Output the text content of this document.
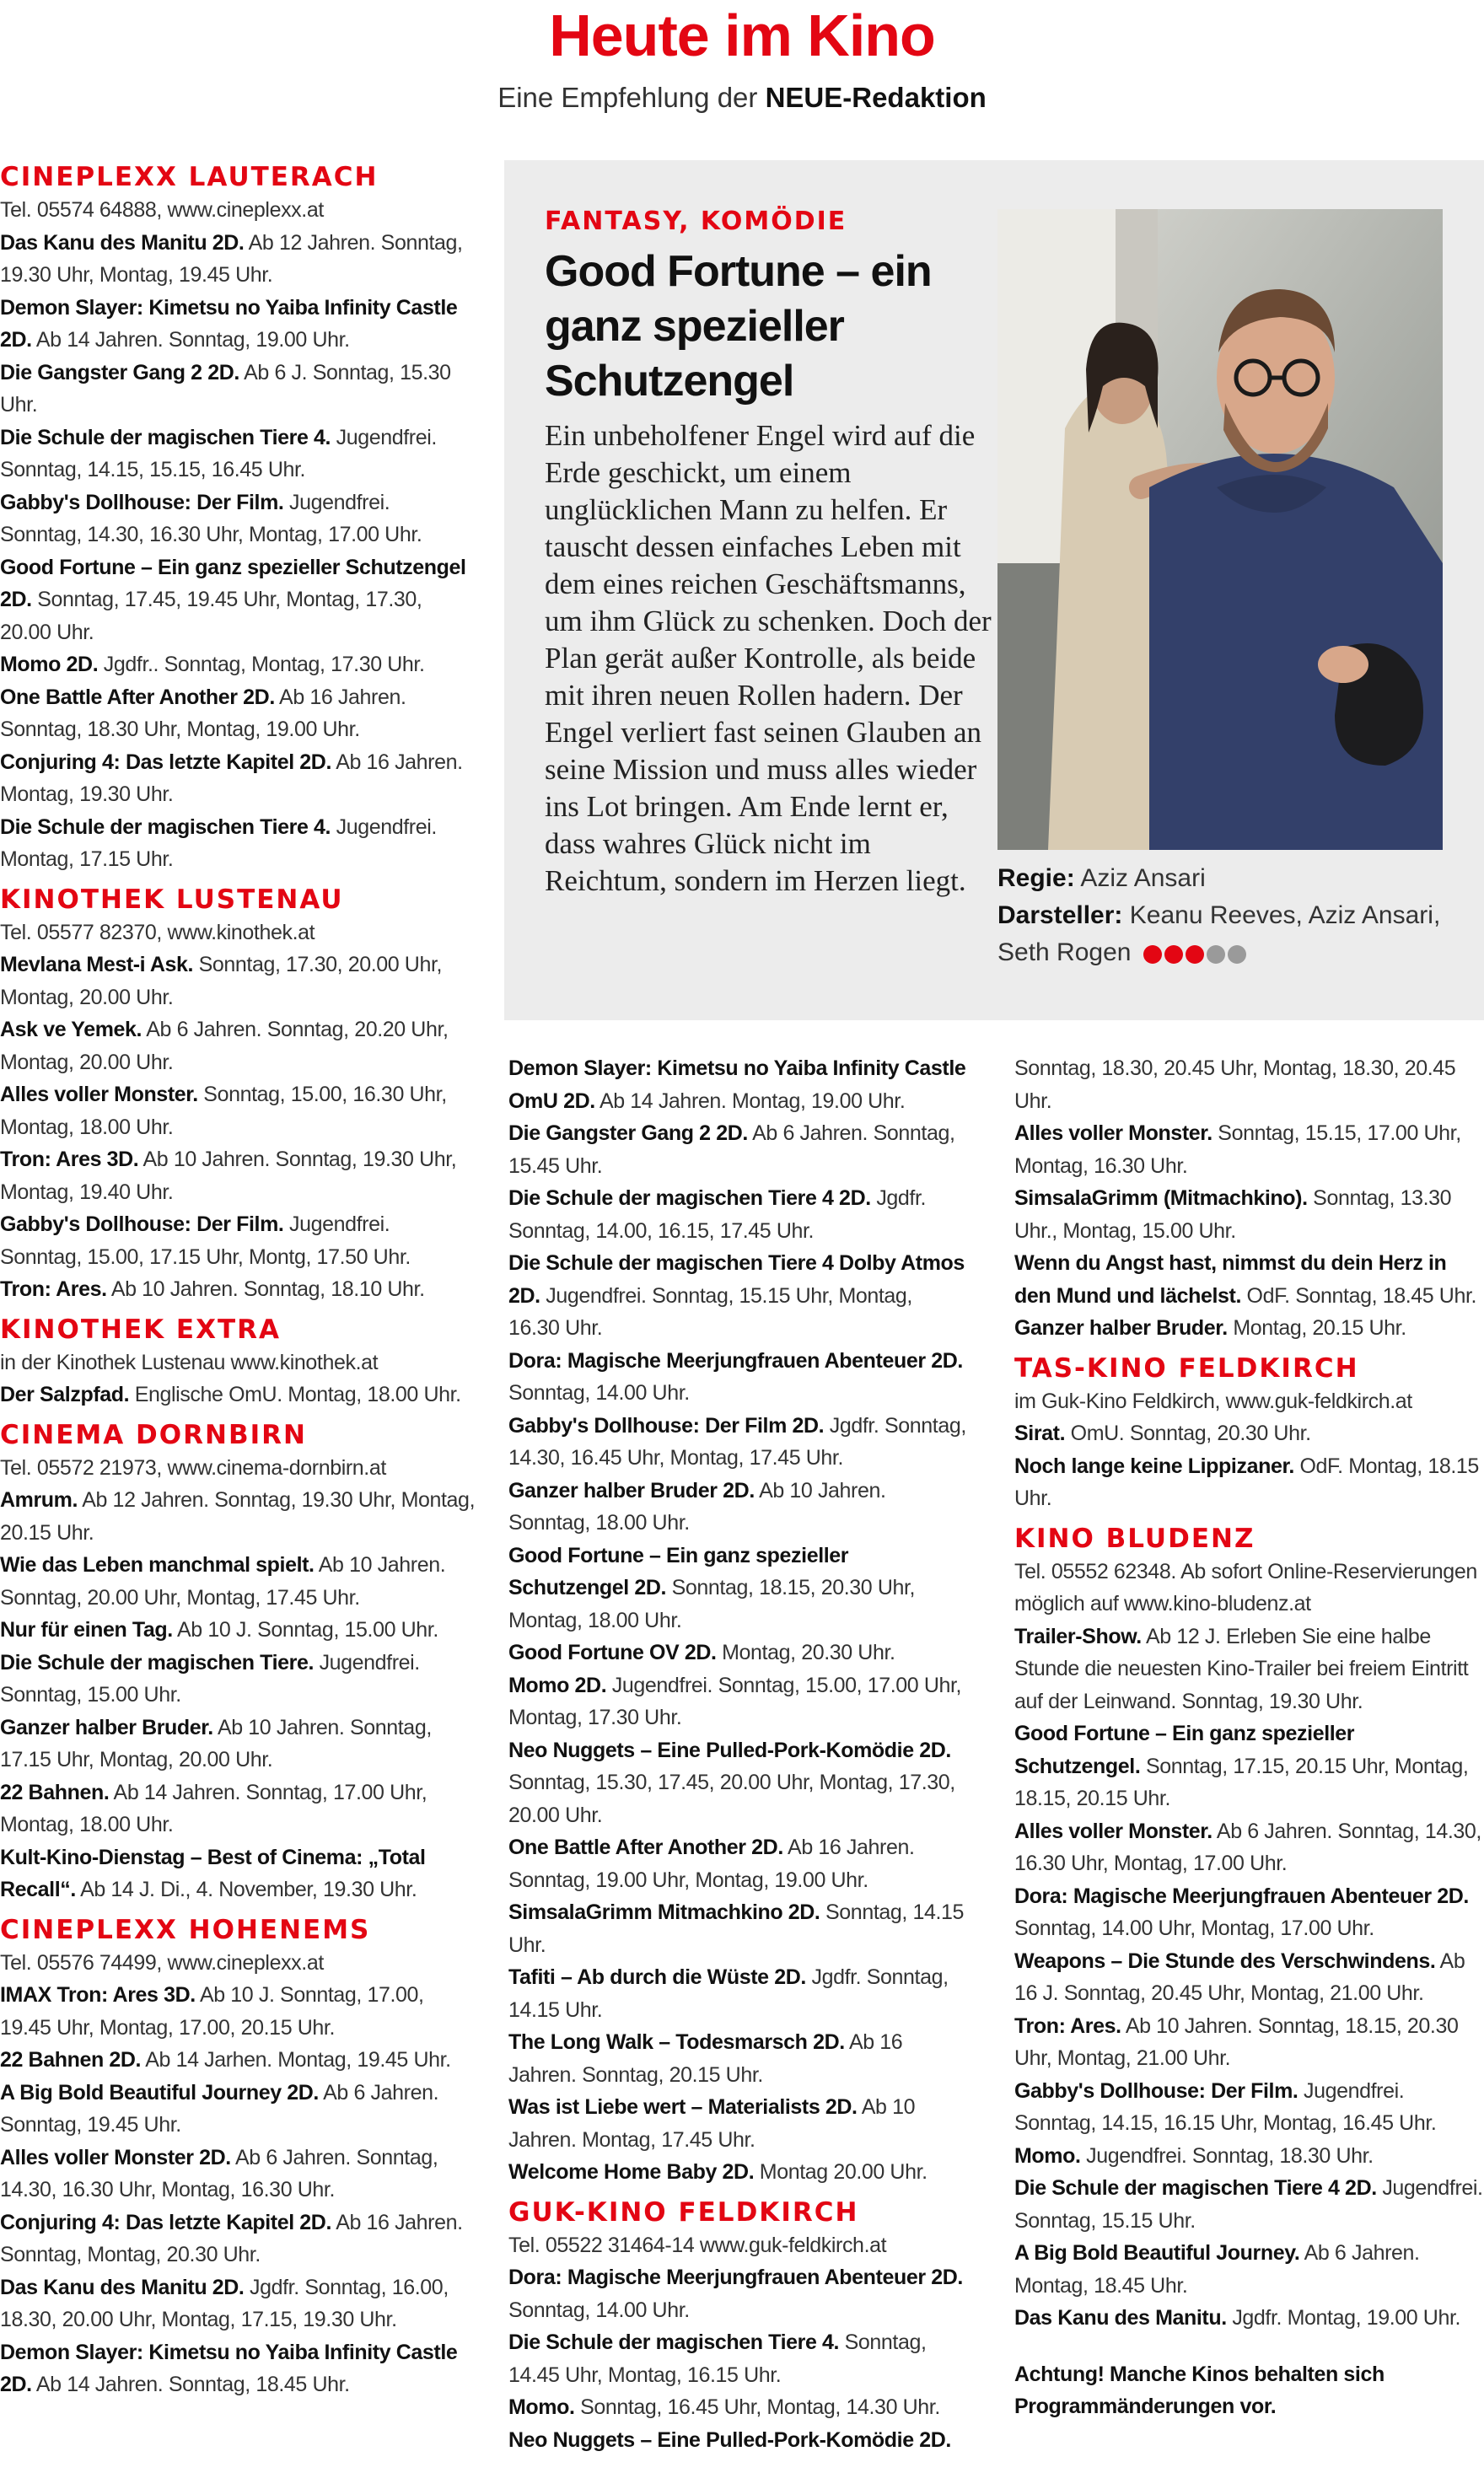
Heute im Kino
Eine Empfehlung der NEUE-Redaktion
CINEPLEXX LAUTERACH

Tel. 05574 64888, www.cineplexx.at

Das Kanu des Manitu 2D. Ab 12 Jahren. Sonntag, 19.30 Uhr, Montag, 19.45 Uhr.

Demon Slayer: Kimetsu no Yaiba Infinity Castle 2D. Ab 14 Jahren. Sonntag, 19.00 Uhr.

Die Gangster Gang 2 2D. Ab 6 J. Sonntag, 15.30 Uhr.

Die Schule der magischen Tiere 4. Jugendfrei. Sonntag, 14.15, 15.15, 16.45 Uhr.

Gabby's Dollhouse: Der Film. Jugendfrei. Sonntag, 14.30, 16.30 Uhr, Montag, 17.00 Uhr.

Good Fortune – Ein ganz spezieller Schutzengel 2D. Sonntag, 17.45, 19.45 Uhr, Montag, 17.30, 20.00 Uhr.

Momo 2D. Jgdfr.. Sonntag, Montag, 17.30 Uhr.

One Battle After Another 2D. Ab 16 Jahren. Sonntag, 18.30 Uhr, Montag, 19.00 Uhr.

Conjuring 4: Das letzte Kapitel 2D. Ab 16 Jahren. Montag, 19.30 Uhr.

Die Schule der magischen Tiere 4. Jugendfrei. Montag, 17.15 Uhr.

KINOTHEK LUSTENAU

Tel. 05577 82370, www.kinothek.at

Mevlana Mest-i Ask. Sonntag, 17.30, 20.00 Uhr, Montag, 20.00 Uhr.

Ask ve Yemek. Ab 6 Jahren. Sonntag, 20.20 Uhr, Montag, 20.00 Uhr.

Alles voller Monster. Sonntag, 15.00, 16.30 Uhr, Montag, 18.00 Uhr.

Tron: Ares 3D. Ab 10 Jahren. Sonntag, 19.30 Uhr, Montag, 19.40 Uhr.

Gabby's Dollhouse: Der Film. Jugendfrei. Sonntag, 15.00, 17.15 Uhr, Montg, 17.50 Uhr.

Tron: Ares. Ab 10 Jahren. Sonntag, 18.10 Uhr.

KINOTHEK EXTRA

in der Kinothek Lustenau www.kinothek.at

Der Salzpfad. Englische OmU. Montag, 18.00 Uhr.

CINEMA DORNBIRN

Tel. 05572 21973, www.cinema-dornbirn.at

Amrum. Ab 12 Jahren. Sonntag, 19.30 Uhr, Montag, 20.15 Uhr.

Wie das Leben manchmal spielt. Ab 10 Jahren. Sonntag, 20.00 Uhr, Montag, 17.45 Uhr.

Nur für einen Tag. Ab 10 J. Sonntag, 15.00 Uhr.

Die Schule der magischen Tiere. Jugendfrei. Sonntag, 15.00 Uhr.

Ganzer halber Bruder. Ab 10 Jahren. Sonntag, 17.15 Uhr, Montag, 20.00 Uhr.

22 Bahnen. Ab 14 Jahren. Sonntag, 17.00 Uhr, Montag, 18.00 Uhr.

Kult-Kino-Dienstag – Best of Cinema: „Total Recall“. Ab 14 J. Di., 4. November, 19.30 Uhr.

CINEPLEXX HOHENEMS

Tel. 05576 74499, www.cineplexx.at

IMAX Tron: Ares 3D. Ab 10 J. Sonntag, 17.00, 19.45 Uhr, Montag, 17.00, 20.15 Uhr.

22 Bahnen 2D. Ab 14 Jarhen. Montag, 19.45 Uhr.

A Big Bold Beautiful Journey 2D. Ab 6 Jahren. Sonntag, 19.45 Uhr.

Alles voller Monster 2D. Ab 6 Jahren. Sonntag, 14.30, 16.30 Uhr, Montag, 16.30 Uhr.

Conjuring 4: Das letzte Kapitel 2D. Ab 16 Jahren. Sonntag, Montag, 20.30 Uhr.

Das Kanu des Manitu 2D. Jgdfr. Sonntag, 16.00, 18.30, 20.00 Uhr, Montag, 17.15, 19.30 Uhr.

Demon Slayer: Kimetsu no Yaiba Infinity Castle 2D. Ab 14 Jahren. Sonntag, 18.45 Uhr.

FANTASY, KOMÖDIE
Good Fortune – ein ganz spezieller Schutzengel
Ein unbeholfener Engel wird auf die Erde geschickt, um einem unglücklichen Mann zu helfen. Er tauscht dessen einfaches Leben mit dem eines reichen Geschäftsmanns, um ihm Glück zu schenken. Doch der Plan gerät außer Kontrolle, als beide mit ihren neuen Rollen hadern. Der Engel verliert fast seinen Glauben an seine Mission und muss alles wieder ins Lot bringen. Am Ende lernt er, dass wahres Glück nicht im Reichtum, sondern im Herzen liegt.	Regie: Aziz Ansari
Darsteller: Keanu Reeves, Aziz Ansari, Seth Rogen

Demon Slayer: Kimetsu no Yaiba Infinity Castle OmU 2D. Ab 14 Jahren. Montag, 19.00 Uhr.

Die Gangster Gang 2 2D. Ab 6 Jahren. Sonntag, 15.45 Uhr.

Die Schule der magischen Tiere 4 2D. Jgdfr. Sonntag, 14.00, 16.15, 17.45 Uhr.

Die Schule der magischen Tiere 4 Dolby Atmos 2D. Jugendfrei. Sonntag, 15.15 Uhr, Montag, 16.30 Uhr.

Dora: Magische Meerjungfrauen Abenteuer 2D. Sonntag, 14.00 Uhr.

Gabby's Dollhouse: Der Film 2D. Jgdfr. Sonntag, 14.30, 16.45 Uhr, Montag, 17.45 Uhr.

Ganzer halber Bruder 2D. Ab 10 Jahren. Sonntag, 18.00 Uhr.

Good Fortune – Ein ganz spezieller Schutzengel 2D. Sonntag, 18.15, 20.30 Uhr, Montag, 18.00 Uhr.

Good Fortune OV 2D. Montag, 20.30 Uhr.

Momo 2D. Jugendfrei. Sonntag, 15.00, 17.00 Uhr, Montag, 17.30 Uhr.

Neo Nuggets – Eine Pulled-Pork-Komödie 2D. Sonntag, 15.30, 17.45, 20.00 Uhr, Montag, 17.30, 20.00 Uhr.

One Battle After Another 2D. Ab 16 Jahren. Sonntag, 19.00 Uhr, Montag, 19.00 Uhr.

SimsalaGrimm Mitmachkino 2D. Sonntag, 14.15 Uhr.

Tafiti – Ab durch die Wüste 2D. Jgdfr. Sonntag, 14.15 Uhr.

The Long Walk – Todesmarsch 2D. Ab 16 Jahren. Sonntag, 20.15 Uhr.

Was ist Liebe wert – Materialists 2D. Ab 10 Jahren. Montag, 17.45 Uhr.

Welcome Home Baby 2D. Montag 20.00 Uhr.

GUK-KINO FELDKIRCH

Tel. 05522 31464-14 www.guk-feldkirch.at

Dora: Magische Meerjungfrauen Abenteuer 2D. Sonntag, 14.00 Uhr.

Die Schule der magischen Tiere 4. Sonntag, 14.45 Uhr, Montag, 16.15 Uhr.

Momo. Sonntag, 16.45 Uhr, Montag, 14.30 Uhr.

Neo Nuggets – Eine Pulled-Pork-Komödie 2D.

Sonntag, 18.30, 20.45 Uhr, Montag, 18.30, 20.45 Uhr.

Alles voller Monster. Sonntag, 15.15, 17.00 Uhr, Montag, 16.30 Uhr.

SimsalaGrimm (Mitmachkino). Sonntag, 13.30 Uhr., Montag, 15.00 Uhr.

Wenn du Angst hast, nimmst du dein Herz in den Mund und lächelst. OdF. Sonntag, 18.45 Uhr.

Ganzer halber Bruder. Montag, 20.15 Uhr.

TAS-KINO FELDKIRCH

im Guk-Kino Feldkirch, www.guk-feldkirch.at

Sirat. OmU. Sonntag, 20.30 Uhr.

Noch lange keine Lippizaner. OdF. Montag, 18.15 Uhr.

KINO BLUDENZ

Tel. 05552 62348. Ab sofort Online-Reservierungen möglich auf www.kino-bludenz.at

Trailer-Show. Ab 12 J. Erleben Sie eine halbe Stunde die neuesten Kino-Trailer bei freiem Eintritt auf der Leinwand. Sonntag, 19.30 Uhr.

Good Fortune – Ein ganz spezieller Schutzengel. Sonntag, 17.15, 20.15 Uhr, Montag, 18.15, 20.15 Uhr.

Alles voller Monster. Ab 6 Jahren. Sonntag, 14.30, 16.30 Uhr, Montag, 17.00 Uhr.

Dora: Magische Meerjungfrauen Abenteuer 2D. Sonntag, 14.00 Uhr, Montag, 17.00 Uhr.

Weapons – Die Stunde des Verschwindens. Ab 16 J. Sonntag, 20.45 Uhr, Montag, 21.00 Uhr.

Tron: Ares. Ab 10 Jahren. Sonntag, 18.15, 20.30 Uhr, Montag, 21.00 Uhr.

Gabby's Dollhouse: Der Film. Jugendfrei. Sonntag, 14.15, 16.15 Uhr, Montag, 16.45 Uhr.

Momo. Jugendfrei. Sonntag, 18.30 Uhr.

Die Schule der magischen Tiere 4 2D. Jugendfrei. Sonntag, 15.15 Uhr.

A Big Bold Beautiful Journey. Ab 6 Jahren. Montag, 18.45 Uhr.

Das Kanu des Manitu. Jgdfr. Montag, 19.00 Uhr.

Achtung! Manche Kinos behalten sich Programmänderungen vor.
